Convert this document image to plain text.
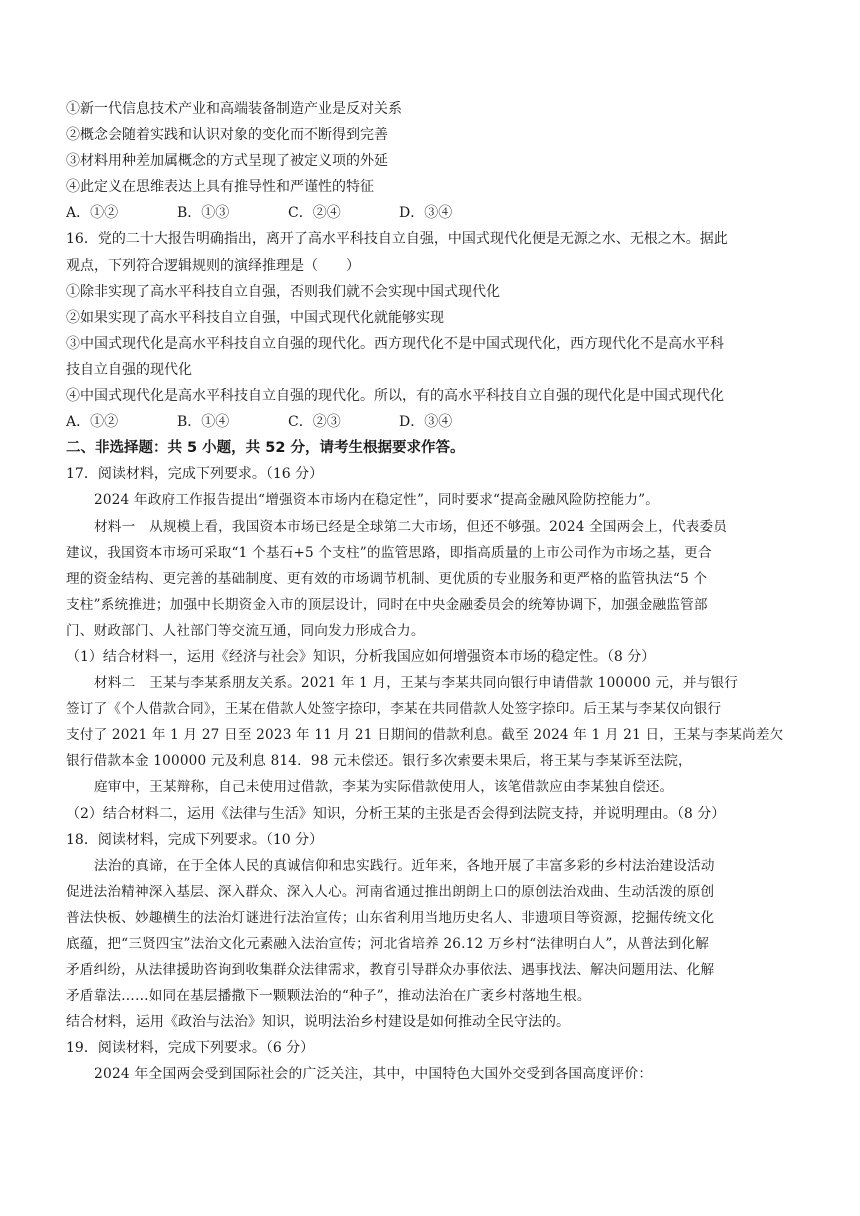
①新一代信息技术产业和高端装备制造产业是反对关系
②概念会随着实践和认识对象的变化而不断得到完善
③材料用种差加属概念的方式呈现了被定义项的外延
④此定义在思维表达上具有推导性和严谨性的特征
A．①②	B．①③	C．②④	D．③④
16．党的二十大报告明确指出，离开了高水平科技自立自强，中国式现代化便是无源之水、无根之木。据此
观点，下列符合逻辑规则的演绎推理是（　　）
①除非实现了高水平科技自立自强，否则我们就不会实现中国式现代化
②如果实现了高水平科技自立自强，中国式现代化就能够实现
③中国式现代化是高水平科技自立自强的现代化。西方现代化不是中国式现代化，西方现代化不是高水平科
技自立自强的现代化
④中国式现代化是高水平科技自立自强的现代化。所以，有的高水平科技自立自强的现代化是中国式现代化
A．①②	B．①④	C．②③	D．③④
二、非选择题：共 5 小题，共 52 分，请考生根据要求作答。
17．阅读材料，完成下列要求。（16 分）
2024 年政府工作报告提出“增强资本市场内在稳定性”，同时要求“提高金融风险防控能力”。
材料一　从规模上看，我国资本市场已经是全球第二大市场，但还不够强。2024 全国两会上，代表委员
建议，我国资本市场可采取“1 个基石+5 个支柱”的监管思路，即指高质量的上市公司作为市场之基，更合
理的资金结构、更完善的基础制度、更有效的市场调节机制、更优质的专业服务和更严格的监管执法“5 个
支柱”系统推进；加强中长期资金入市的顶层设计，同时在中央金融委员会的统筹协调下，加强金融监管部
门、财政部门、人社部门等交流互通，同向发力形成合力。
（1）结合材料一，运用《经济与社会》知识，分析我国应如何增强资本市场的稳定性。（8 分）
材料二　王某与李某系朋友关系。2021 年 1 月，王某与李某共同向银行申请借款 100000 元，并与银行
签订了《个人借款合同》，王某在借款人处签字捺印，李某在共同借款人处签字捺印。后王某与李某仅向银行
支付了 2021 年 1 月 27 日至 2023 年 11 月 21 日期间的借款利息。截至 2024 年 1 月 21 日，王某与李某尚差欠
银行借款本金 100000 元及利息 814．98 元未偿还。银行多次索要未果后，将王某与李某诉至法院，
庭审中，王某辩称，自己未使用过借款，李某为实际借款使用人，该笔借款应由李某独自偿还。
（2）结合材料二，运用《法律与生活》知识，分析王某的主张是否会得到法院支持，并说明理由。（8 分）
18．阅读材料，完成下列要求。（10 分）
法治的真谛，在于全体人民的真诚信仰和忠实践行。近年来，各地开展了丰富多彩的乡村法治建设活动
促进法治精神深入基层、深入群众、深入人心。河南省通过推出朗朗上口的原创法治戏曲、生动活泼的原创
普法快板、妙趣横生的法治灯谜进行法治宣传；山东省利用当地历史名人、非遗项目等资源，挖掘传统文化
底蕴，把“三贤四宝”法治文化元素融入法治宣传；河北省培养 26.12 万乡村“法律明白人”，从普法到化解
矛盾纠纷，从法律援助咨询到收集群众法律需求，教育引导群众办事依法、遇事找法、解决问题用法、化解
矛盾靠法……如同在基层播撒下一颗颗法治的“种子”，推动法治在广袤乡村落地生根。
结合材料，运用《政治与法治》知识，说明法治乡村建设是如何推动全民守法的。
19．阅读材料，完成下列要求。（6 分）
2024 年全国两会受到国际社会的广泛关注，其中，中国特色大国外交受到各国高度评价：
